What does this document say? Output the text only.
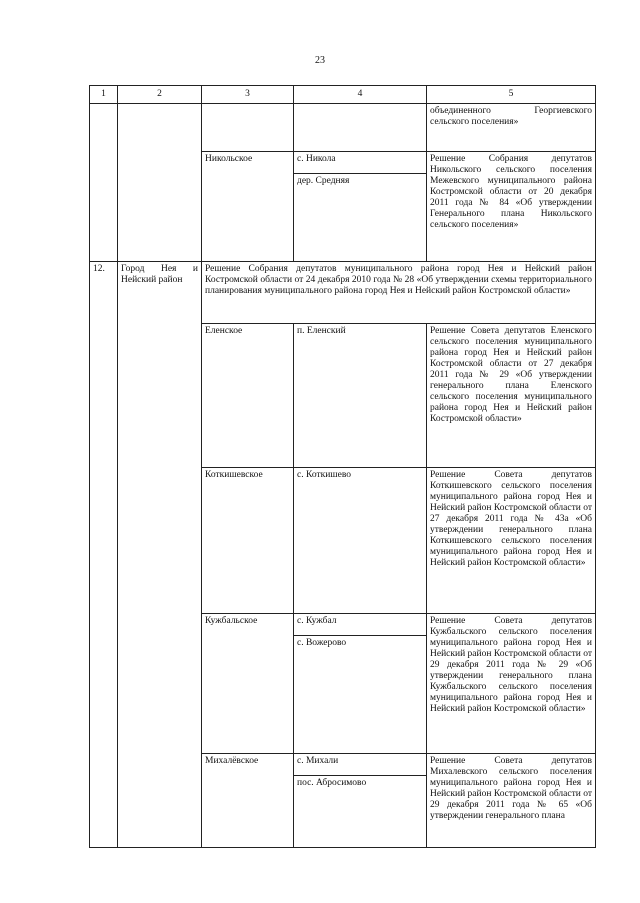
23
1	2	3	4	5
				объединенного Георгиевского сельского поселения»
		Никольское	с. Никола	Решение Собрания депутатов Никольского сельского поселения Межевского муниципального района Костромской области от 20 декабря 2011 года № 84 «Об утверждении Генерального плана Никольского сельского поселения»
			дер. Средняя	
12.	Город Нея и Нейский район	Решение Собрания депутатов муниципального района город Нея и Нейский район Костромской области от 24 декабря 2010 года № 28 «Об утверждении схемы территориального планирования муниципального района город Нея и Нейский район Костромской области»		
		Еленское	п. Еленский	Решение Совета депутатов Еленского сельского поселения муниципального района город Нея и Нейский район Костромской области от 27 декабря 2011 года № 29 «Об утверждении генерального плана Еленского сельского поселения муниципального района город Нея и Нейский район Костромской области»
		Коткишевское	с. Коткишево	Решение Совета депутатов Коткишевского сельского поселения муниципального района город Нея и Нейский район Костромской области от 27 декабря 2011 года № 43а «Об утверждении генерального плана Коткишевского сельского поселения муниципального района город Нея и Нейский район Костромской области»
		Кужбальское	с. Кужбал	Решение Совета депутатов Кужбальского сельского поселения муниципального района город Нея и Нейский район Костромской области от 29 декабря 2011 года № 29 «Об утверждении генерального плана Кужбальского сельского поселения муниципального района город Нея и Нейский район Костромской области»
			с. Вожерово	
		Михалёвское	с. Михали	Решение Совета депутатов Михалевского сельского поселения муниципального района город Нея и Нейский район Костромской области от 29 декабря 2011 года № 65 «Об утверждении генерального плана
			пос. Абросимово	
